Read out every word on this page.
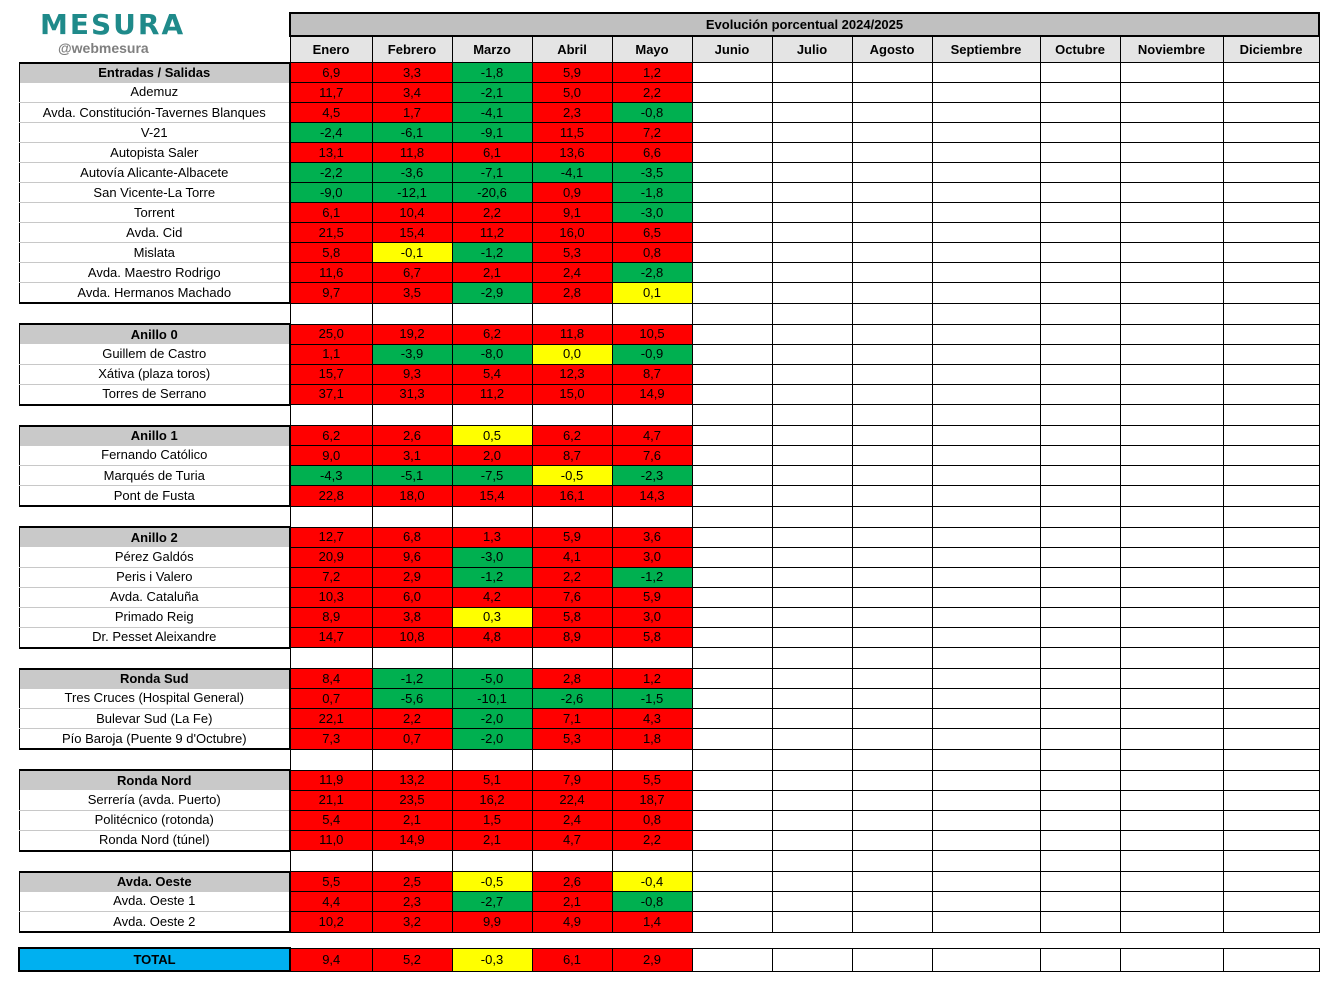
MESURA
@webmesura
	Evolución porcentual 2024/2025											
	Enero	Febrero	Marzo	Abril	Mayo	Junio	Julio	Agosto	Septiembre	Octubre	Noviembre	Diciembre
Entradas / Salidas	6,9	3,3	-1,8	5,9	1,2							
Ademuz	11,7	3,4	-2,1	5,0	2,2							
Avda. Constitución-Tavernes Blanques	4,5	1,7	-4,1	2,3	-0,8							
V-21	-2,4	-6,1	-9,1	11,5	7,2							
Autopista Saler	13,1	11,8	6,1	13,6	6,6							
Autovía Alicante-Albacete	-2,2	-3,6	-7,1	-4,1	-3,5							
San Vicente-La Torre	-9,0	-12,1	-20,6	0,9	-1,8							
Torrent	6,1	10,4	2,2	9,1	-3,0							
Avda. Cid	21,5	15,4	11,2	16,0	6,5							
Mislata	5,8	-0,1	-1,2	5,3	0,8							
Avda. Maestro Rodrigo	11,6	6,7	2,1	2,4	-2,8							
Avda. Hermanos Machado	9,7	3,5	-2,9	2,8	0,1							

Anillo 0	25,0	19,2	6,2	11,8	10,5							
Guillem de Castro	1,1	-3,9	-8,0	0,0	-0,9							
Xátiva (plaza toros)	15,7	9,3	5,4	12,3	8,7							
Torres de Serrano	37,1	31,3	11,2	15,0	14,9							

Anillo 1	6,2	2,6	0,5	6,2	4,7							
Fernando Católico	9,0	3,1	2,0	8,7	7,6							
Marqués de Turia	-4,3	-5,1	-7,5	-0,5	-2,3							
Pont de Fusta	22,8	18,0	15,4	16,1	14,3							

Anillo 2	12,7	6,8	1,3	5,9	3,6							
Pérez Galdós	20,9	9,6	-3,0	4,1	3,0							
Peris i Valero	7,2	2,9	-1,2	2,2	-1,2							
Avda. Cataluña	10,3	6,0	4,2	7,6	5,9							
Primado Reig	8,9	3,8	0,3	5,8	3,0							
Dr. Pesset Aleixandre	14,7	10,8	4,8	8,9	5,8							

Ronda Sud	8,4	-1,2	-5,0	2,8	1,2							
Tres Cruces (Hospital General)	0,7	-5,6	-10,1	-2,6	-1,5							
Bulevar Sud (La Fe)	22,1	2,2	-2,0	7,1	4,3							
Pío Baroja (Puente 9 d'Octubre)	7,3	0,7	-2,0	5,3	1,8							

Ronda Nord	11,9	13,2	5,1	7,9	5,5							
Serrería (avda. Puerto)	21,1	23,5	16,2	22,4	18,7							
Politécnico (rotonda)	5,4	2,1	1,5	2,4	0,8							
Ronda Nord (túnel)	11,0	14,9	2,1	4,7	2,2							

Avda. Oeste	5,5	2,5	-0,5	2,6	-0,4							
Avda. Oeste 1	4,4	2,3	-2,7	2,1	-0,8							
Avda. Oeste 2	10,2	3,2	9,9	4,9	1,4							

TOTAL	9,4	5,2	-0,3	6,1	2,9							
